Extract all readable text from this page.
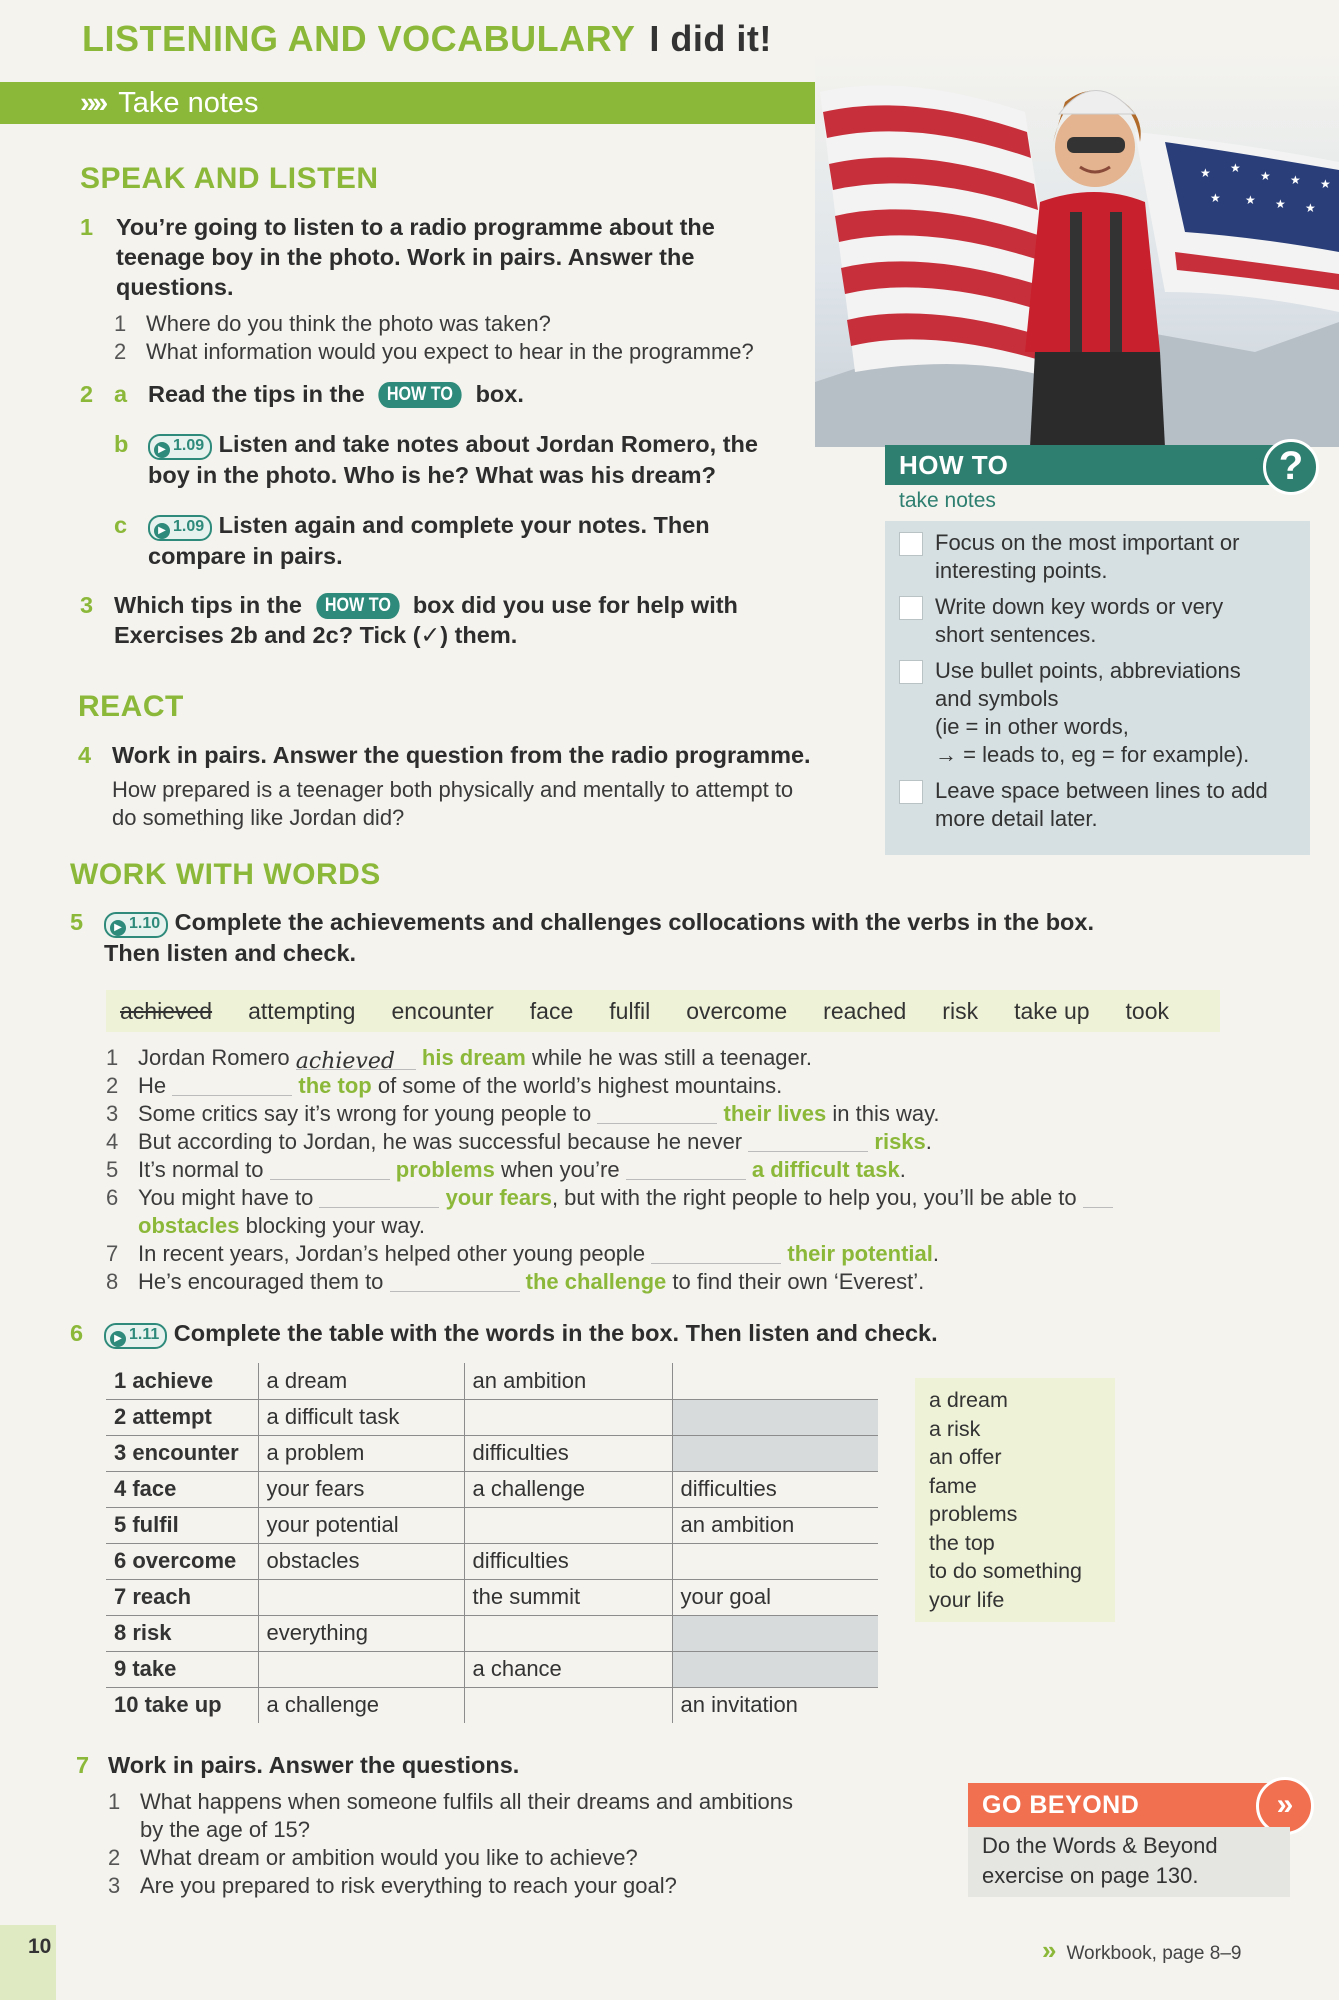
LISTENING AND VOCABULARY I did it!
»» Take notes
★ ★
★ ★ ★
★ ★ ★ ★
SPEAK AND LISTEN
1 You’re going to listen to a radio programme about the
teenage boy in the photo. Work in pairs. Answer the
questions.
1 Where do you think the photo was taken?
2 What information would you expect to hear in the programme?
2 a Read the tips in the HOW TO box.
b	▶ 1.09 Listen and take notes about Jordan Romero, the
boy in the photo. Who is he? What was his dream?
c	▶ 1.09 Listen again and complete your notes. Then
compare in pairs.
3 Which tips in the HOW TO box did you use for help with
Exercises 2b and 2c? Tick (✓) them.
REACT
4 Work in pairs. Answer the question from the radio programme.
How prepared is a teenager both physically and mentally to attempt to
do something like Jordan did?
HOW TO	?
take notes
Focus on the most important or
interesting points.
Write down key words or very
short sentences.
Use bullet points, abbreviations
and symbols
(ie = in other words,
→ = leads to, eg = for example).
Leave space between lines to add
more detail later.
WORK WITH WORDS
5	▶ 1.10 Complete the achievements and challenges collocations with the verbs in the box.
Then listen and check.
achieved attempting encounter face fulfil overcome reached risk take up took
1 Jordan Romero achieved his dream while he was still a teenager.
2 He	the top of some of the world’s highest mountains.
3 Some critics say it’s wrong for young people to	their lives in this way.
4 But according to Jordan, he was successful because he never	risks.
5 It’s normal to	problems when you’re	a difficult task.
6 You might have to	your fears, but with the right people to help you, you’ll be able to
obstacles blocking your way.
7 In recent years, Jordan’s helped other young people	their potential.
8 He’s encouraged them to	the challenge to find their own ‘Everest’.
6	▶ 1.11 Complete the table with the words in the box. Then listen and check.
1 achieve	a dream	an ambition	
2 attempt	a difficult task		
3 encounter	a problem	difficulties	
4 face	your fears	a challenge	difficulties
5 fulfil	your potential		an ambition
6 overcome	obstacles	difficulties	
7 reach		the summit	your goal
8 risk	everything		
9 take		a chance	
10 take up	a challenge		an invitation
a dream
a risk
an offer
fame
problems
the top
to do something
your life
7 Work in pairs. Answer the questions.
1 What happens when someone fulfils all their dreams and ambitions
by the age of 15?
2 What dream or ambition would you like to achieve?
3 Are you prepared to risk everything to reach your goal?
GO BEYOND	»
Do the Words & Beyond
exercise on page 130.
10	» Workbook, page 8–9
